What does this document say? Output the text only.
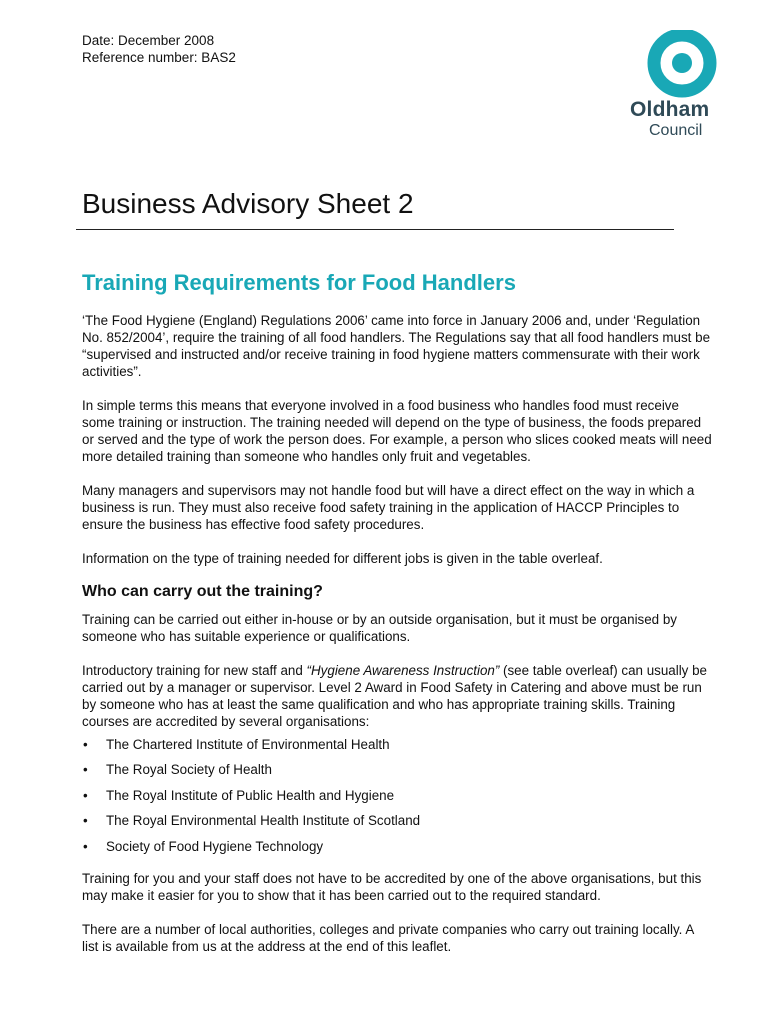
Date: December 2008
Reference number: BAS2
Oldham
Council
Business Advisory Sheet 2
Training Requirements for Food Handlers

‘The Food Hygiene (England) Regulations 2006’ came into force in January 2006 and, under ‘Regulation No. 852/2004’, require the training of all food handlers. The Regulations say that all food handlers must be “supervised and instructed and/or receive training in food hygiene matters commensurate with their work activities”.

In simple terms this means that everyone involved in a food business who handles food must receive some training or instruction. The training needed will depend on the type of business, the foods prepared or served and the type of work the person does. For example, a person who slices cooked meats will need more detailed training than someone who handles only fruit and vegetables.

Many managers and supervisors may not handle food but will have a direct effect on the way in which a business is run. They must also receive food safety training in the application of HACCP Principles to ensure the business has effective food safety procedures.

Information on the type of training needed for different jobs is given in the table overleaf.

Who can carry out the training?

Training can be carried out either in-house or by an outside organisation, but it must be organised by someone who has suitable experience or qualifications.

Introductory training for new staff and “Hygiene Awareness Instruction” (see table overleaf) can usually be carried out by a manager or supervisor. Level 2 Award in Food Safety in Catering and above must be run by someone who has at least the same qualification and who has appropriate training skills. Training courses are accredited by several organisations:

• The Chartered Institute of Environmental Health
• The Royal Society of Health
• The Royal Institute of Public Health and Hygiene
• The Royal Environmental Health Institute of Scotland
• Society of Food Hygiene Technology

Training for you and your staff does not have to be accredited by one of the above organisations, but this may make it easier for you to show that it has been carried out to the required standard.

There are a number of local authorities, colleges and private companies who carry out training locally. A list is available from us at the address at the end of this leaflet.
